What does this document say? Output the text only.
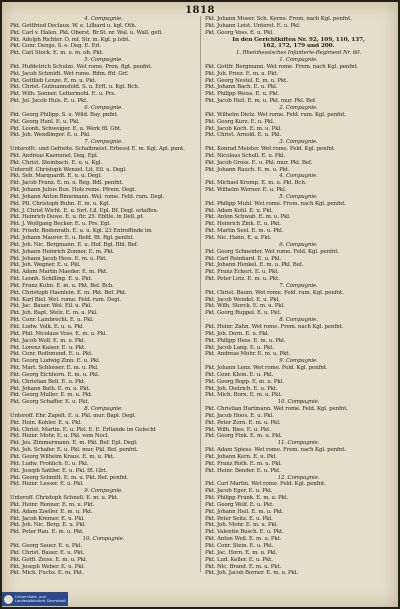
1818
4. Compagnie.
Pkt. Gottfried Declaux. W. e. Lilbard u. kgl. Oth.
Pkt. Carl v. Halen. Pkl. Oberst. Br.St. nr. Wal. u. Wall. gefl.
Pkt. Adolph Richter. O. mf. Str. m. Kgl. p.tebt.
Pkt. Conr. Dengs. S. e. Deg. E. Erl.
Pkt. Carl Stock. E. m. u. m. ob. Pkt.
5. Compagnie.
Pkt. Hufdetrich Schulze. Wet rome. Pren. flgt. penfnt.
Pkt. Jacob Schmidt. Wet rome. Rdm. ffd. Grf.
Pkt. Gottlieb Lenze. E. m. u. Pkt.
Pkt. Christ. Gutmannsfeld. S. u. Erft. u. Kgl. Bch.
Pkt. Wilh. Sonner. Lettermohl. E. u. Prs.
Pkt. Jol. Jacob Huls. E. u. Pkt.
6. Compagnie.
Pkt. Georg Philipp. S. u. Wild. Bay. pnfnt.
Pkt. Georg Hanl. E. u. Pkl.
Pkt. Leonh. Schweiger. E. u. Werk ffl. Gbt.
Pkt. Joh. Wendlinger. E. u. Pkl.
7. Compagnie.
Unteroffc. und Gefreite. Schaltmeist. Erbesst E. m. Kgl. Apl. punt.
Pkt. Andreas Kaemmel. Deg. Epl.
Pkt. Christ. Steinbach. E. u. u. Kgl.
Unteroff. Christoph Wenzel. Lit. Eil. u. Degl.
Pkt. Seb. Marquardt. E. u. u. Degl.
Pkt. Jacob Franz. E. m. u. Beg. Bdl. penfnt.
Pkt. Johann Julius Bux. Holz reme. Pfrem. Degl.
Pkt. Johann Anton Bimemann. Wel. rome. Feld. rum. Degl.
Pkt. Pfl. Christoph Ruhn. E. m. u. Kgl.
Pkt. J. Christ Wicht. E. u. fort. Lil. Epl. Bf. Degl. erlaffen.
Pkt. Heinrich Duwe. E. u. ftr. 25. Ebltle. in Dell. pf.
Pkt. J. Wolfgang Becker. E. u. Prs. Egl.
Pkt. Friedr. Bodenrath. E. u. u. Kgl. 23 Entreffinde im
Pkt. Johann Maurer. E. u. Befd. Bt. Rgl. penfnt.
Pkt. Joh. Nic. Bergmann. E. u. Hof. Bgl. Bbl. Bef.
Pkt. Johann Heinrich Zonner. E. m. Pkt.
Pkt. Johann Jacob Hess. E. m. u. Pkt.
Pkt. Joh. Wegner. E. u. Pkl.
Pkt. Adam Martin Maeder. E. m. Pkt.
Pkt. Leonh. Schilling. E. u. Pkt.
Pkt. Franz Kuhn. E. m. u. Pkt. Bel. Bch.
Pkt. Christoph Haenlein. E. m. Pkt. Bef. Pkt.
Pkt. Karl Biel. Wel. rome. Feld. rum. Degl.
Pkt. Jac. Bauer. Wel. Eil. u. Pkl.
Pkt. Joh. Bapt. Stelz. E. m. u. Pkl.
Pkt. Conr. Lambrecht. E. u. Pkl.
Pkt. Ludw. Volk. E. u. u. Pkl.
Pkt. Phil. Nicolaus Voss. E. m. u. Pkl.
Pkt. Jacob Wolf. E. m. u. Pkl.
Pkt. Lorenz Kaiser. E. u. Pkt.
Pkt. Conr. Rothmund. E. u. Pkt.
Pkt. Georg Ludwig Zinn. E. u. Pkl.
Pkt. Mart. Schlosser. E. m. u. Pkl.
Pkt. Georg Eichhorn. E. m. u. Pkl.
Pkt. Christian Bell. E. u. Pkt.
Pkt. Johann Bath. E. m. u. Pkt.
Pkt. Georg Muller. E. m. u. Pkt.
Pkt. Georg Schaffer. E. u. Pkt.
8. Compagnie.
Unteroff. Ehr. Zapelt. E. u. Pkl. mur. Bapl. Degl.
Pkt. Hein. Kohler. E. u. Pkl.
Pkt. Christ. Martin. E. u. Pkt. E. E. Erllande im Gefecht
Pkt. Heinr. Mohr. E. u. Pkl. vom Nocl.
Pkt. Jos. Zimmermann. E. m. Pkt. Bef. Epl. Degl.
Pkt. Joh. Schafer. E. u. Pkl. mur. Pkl. Bef. penfnt.
Pkt. Georg Wilhelm Kraus. E. m. u. Pkt.
Pkt. Ludw. Frohlich. E. u. Pkl.
Pkt. Joseph Sattler. E. u. Pkl. ffl. Gbt.
Pkt. Georg Schmitt. E. m. u. Pkt. Bef. penfnt.
Pkt. Heinr. Lesser. E. u. Pkl.
9. Compagnie.
Unteroff. Christoph Schnell. E. m. u. Pkt.
Pkt. Heinr. Renner. E. m. u. Pkt.
Pkt. Adam Zoeller. E. m. u. Pkt.
Pkt. Jacob Kremer. E. u. Pkl.
Pkt. Joh. Nic. Berg. E. u. Pkl.
Pkt. Peter Rau. E. m. u. Pkt.
10. Compagnie.
Pkt. Georg Sauer. E. u. Pkl.
Pkt. Christ. Bauer. E. u. Pkt.
Pkt. Gottl. Zeiss. E. m. u. Pkl.
Pkt. Joseph Weber. E. u. Pkl.
Pkt. Mich. Fuchs. E. m. Pkt.
Pkt. Johann Moser. Sch. Kerne. Frem. nach Kgl. penfnt.
Pkt. Johann Leist. Unterst. E. u. Pkl.
Pkt. Georg Voss. E. u. Pkl.
In den Gerichtkiften Nr. 92, 109, 110, 137,
162, 172, 179 und 200.
1. Rheinhessisches Infanterie-Regiment Nr. 60.
1. Compagnie.
Pkt. Gottfr. Bergmann. Wet rome. Frem. nach Kgl. penfnt.
Pkt. Joh. Prinz. E. m. u. Pkt.
Pkt. Georg Nestel. E. m. u. Pkt.
Pkt. Johann Bach. E. u. Pkl.
Pkt. Philipp Weiss. E. u. Pkl.
Pkt. Jacob Heil. E. m. u. Pkl. mur. Pkl. Bef.
2. Compagnie.
Pkt. Wilhelm Dietz. Wet rome. Feld. rum. Kgl. penfnt.
Pkt. Georg Kurz. E. u. Pkl.
Pkt. Jacob Koch. E. m. u. Pkl.
Pkt. Christ. Arnold. E. u. Pkl.
3. Compagnie.
Pkt. Konrad Meister. Wet rome. Feld. Kgl. penfnt.
Pkt. Nicolaus Scholl. E. u. Pkl.
Pkt. Jacob Gross. E. u. Pkl. mur. Pkl. Bef.
Pkt. Johann Rauch. E. m. u. Pkt.
4. Compagnie.
Pkt. Michael Kromp. E. m. u. Pkl. Bch.
Pkt. Wilhelm Werner. E. u. Pkl.
5. Compagnie.
Pkt. Philipp Muhl. Wet rome. Frem. nach Kgl. penfnt.
Pkt. Adam Kohl. E. u. Pkl.
Pkt. Anton Schwab. E. m. u. Pkl.
Pkt. Heinrich Zink. E. u. Pkt.
Pkt. Martin Seel. E. m. u. Pkl.
Pkt. Nic. Hahn. E. u. Pkt.
6. Compagnie.
Pkt. Georg Schneider. Wet rome. Feld. Kgl. penfnt.
Pkt. Carl Reinhard. E. u. Pkl.
Pkt. Johann Henkel. E. m. u. Pkl. Bef.
Pkt. Franz Eckert. E. u. Pkt.
Pkt. Peter Lotz. E. m. u. Pkt.
7. Compagnie.
Pkt. Christ. Baum. Wet rome. Feld. rum. Kgl. penfnt.
Pkt. Jacob Wendel. E. u. Pkl.
Pkt. Wilh. Storck. E. m. u. Pkl.
Pkt. Georg Ruppel. E. u. Pkt.
8. Compagnie.
Pkt. Heinr. Zahn. Wet rome. Frem. nach Kgl. penfnt.
Pkt. Joh. Dorn. E. u. Pkl.
Pkt. Philipp Hess. E. m. u. Pkl.
Pkt. Jacob Lang. E. u. Pkt.
Pkt. Andreas Mohr. E. m. u. Pkt.
9. Compagnie.
Pkt. Johann Lenz. Wet rome. Feld. Kgl. penfnt.
Pkt. Conr. Klein. E. u. Pkl.
Pkt. Georg Bopp. E. m. u. Pkl.
Pkt. Joh. Dietrich. E. u. Pkt.
Pkt. Mich. Born. E. m. u. Pkt.
10. Compagnie.
Pkt. Christian Hartmann. Wet rome. Feld. Kgl. penfnt.
Pkt. Jacob Hoos. E. u. Pkl.
Pkt. Peter Zorn. E. m. u. Pkl.
Pkt. Wilh. Ries. E. u. Pkt.
Pkt. Georg Fink. E. m. u. Pkt.
11. Compagnie.
Pkt. Adam Spiess. Wet rome. Frem. nach Kgl. penfnt.
Pkt. Johann Kern. E. u. Pkl.
Pkt. Franz Roth. E. m. u. Pkl.
Pkt. Heinr. Bender. E. u. Pkt.
12. Compagnie.
Pkt. Carl Martin. Wet rome. Feld. Kgl. penfnt.
Pkt. Jacob Eger. E. u. Pkl.
Pkt. Philipp Frank. E. m. u. Pkl.
Pkt. Georg Wolf. E. u. Pkt.
Pkt. Johann Heil. E. m. u. Pkt.
Pkt. Peter Seitz. E. u. Pkl.
Pkt. Joh. Mohr. E. m. u. Pkl.
Pkt. Valentin Busch. E. u. Pkt.
Pkt. Anton Weil. E. m. u. Pkt.
Pkt. Conr. Stein. E. u. Pkl.
Pkt. Jac. Horn. E. m. u. Pkl.
Pkt. Lud. Keller. E. u. Pkt.
Pkt. Nic. Brand. E. m. u. Pkt.
Pkt. Joh. Jacob Borner. E. m. u. Pkl.
Universitats- und
Landesbibliothek Darmstadt
